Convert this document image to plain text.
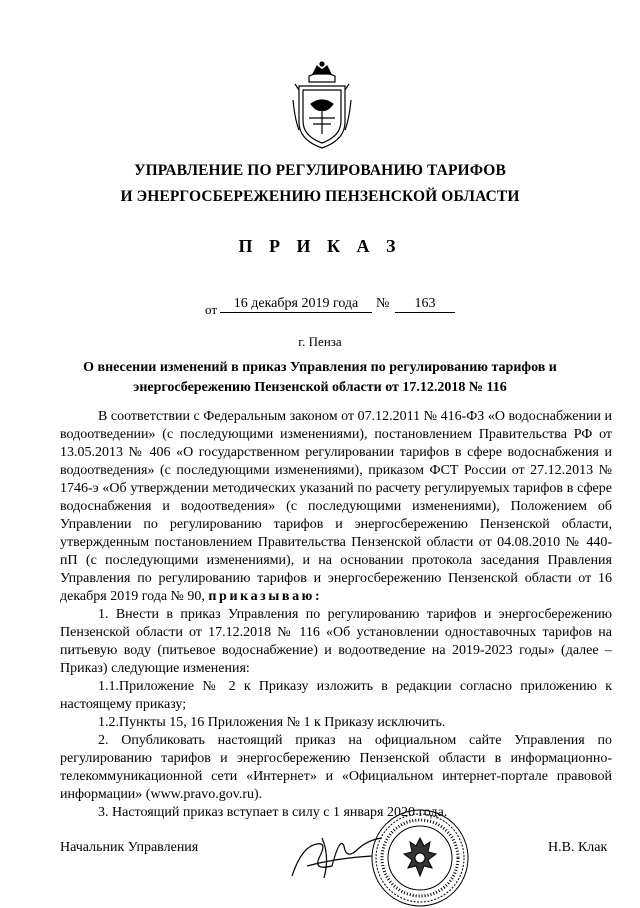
УПРАВЛЕНИЕ ПО РЕГУЛИРОВАНИЮ ТАРИФОВ
И ЭНЕРГОСБЕРЕЖЕНИЮ ПЕНЗЕНСКОЙ ОБЛАСТИ
П Р И К А З
от	16 декабря 2019 года	№	163
г. Пенза
О внесении изменений в приказ Управления по регулированию тарифов и
энергосбережению Пензенской области от 17.12.2018 № 116

В соответствии с Федеральным законом от 07.12.2011 № 416-ФЗ «О водоснабжении и водоотведении» (с последующими изменениями), постановлением Правительства РФ от 13.05.2013 № 406 «О государственном регулировании тарифов в сфере водоснабжения и водоотведения» (с последующими изменениями), приказом ФСТ России от 27.12.2013 № 1746-э «Об утверждении методических указаний по расчету регулируемых тарифов в сфере водоснабжения и водоотведения» (с последующими изменениями), Положением об Управлении по регулированию тарифов и энергосбережению Пензенской области, утвержденным постановлением Правительства Пензенской области от 04.08.2010 № 440-пП (с последующими изменениями), и на основании протокола заседания Правления Управления по регулированию тарифов и энергосбережению Пензенской области от 16 декабря 2019 года № 90, приказываю:

1. Внести в приказ Управления по регулированию тарифов и энергосбережению Пензенской области от 17.12.2018 № 116 «Об установлении одноставочных тарифов на питьевую воду (питьевое водоснабжение) и водоотведение на 2019-2023 годы» (далее – Приказ) следующие изменения:

1.1.Приложение № 2 к Приказу изложить в редакции согласно приложению к настоящему приказу;

1.2.Пункты 15, 16 Приложения № 1 к Приказу исключить.

2. Опубликовать настоящий приказ на официальном сайте Управления по регулированию тарифов и энергосбережению Пензенской области в информационно-телекоммуникационной сети «Интернет» и «Официальном интернет-портале правовой информации» (www.pravo.gov.ru).

3. Настоящий приказ вступает в силу с 1 января 2020 года.

Начальник Управления	Н.В. Клак
